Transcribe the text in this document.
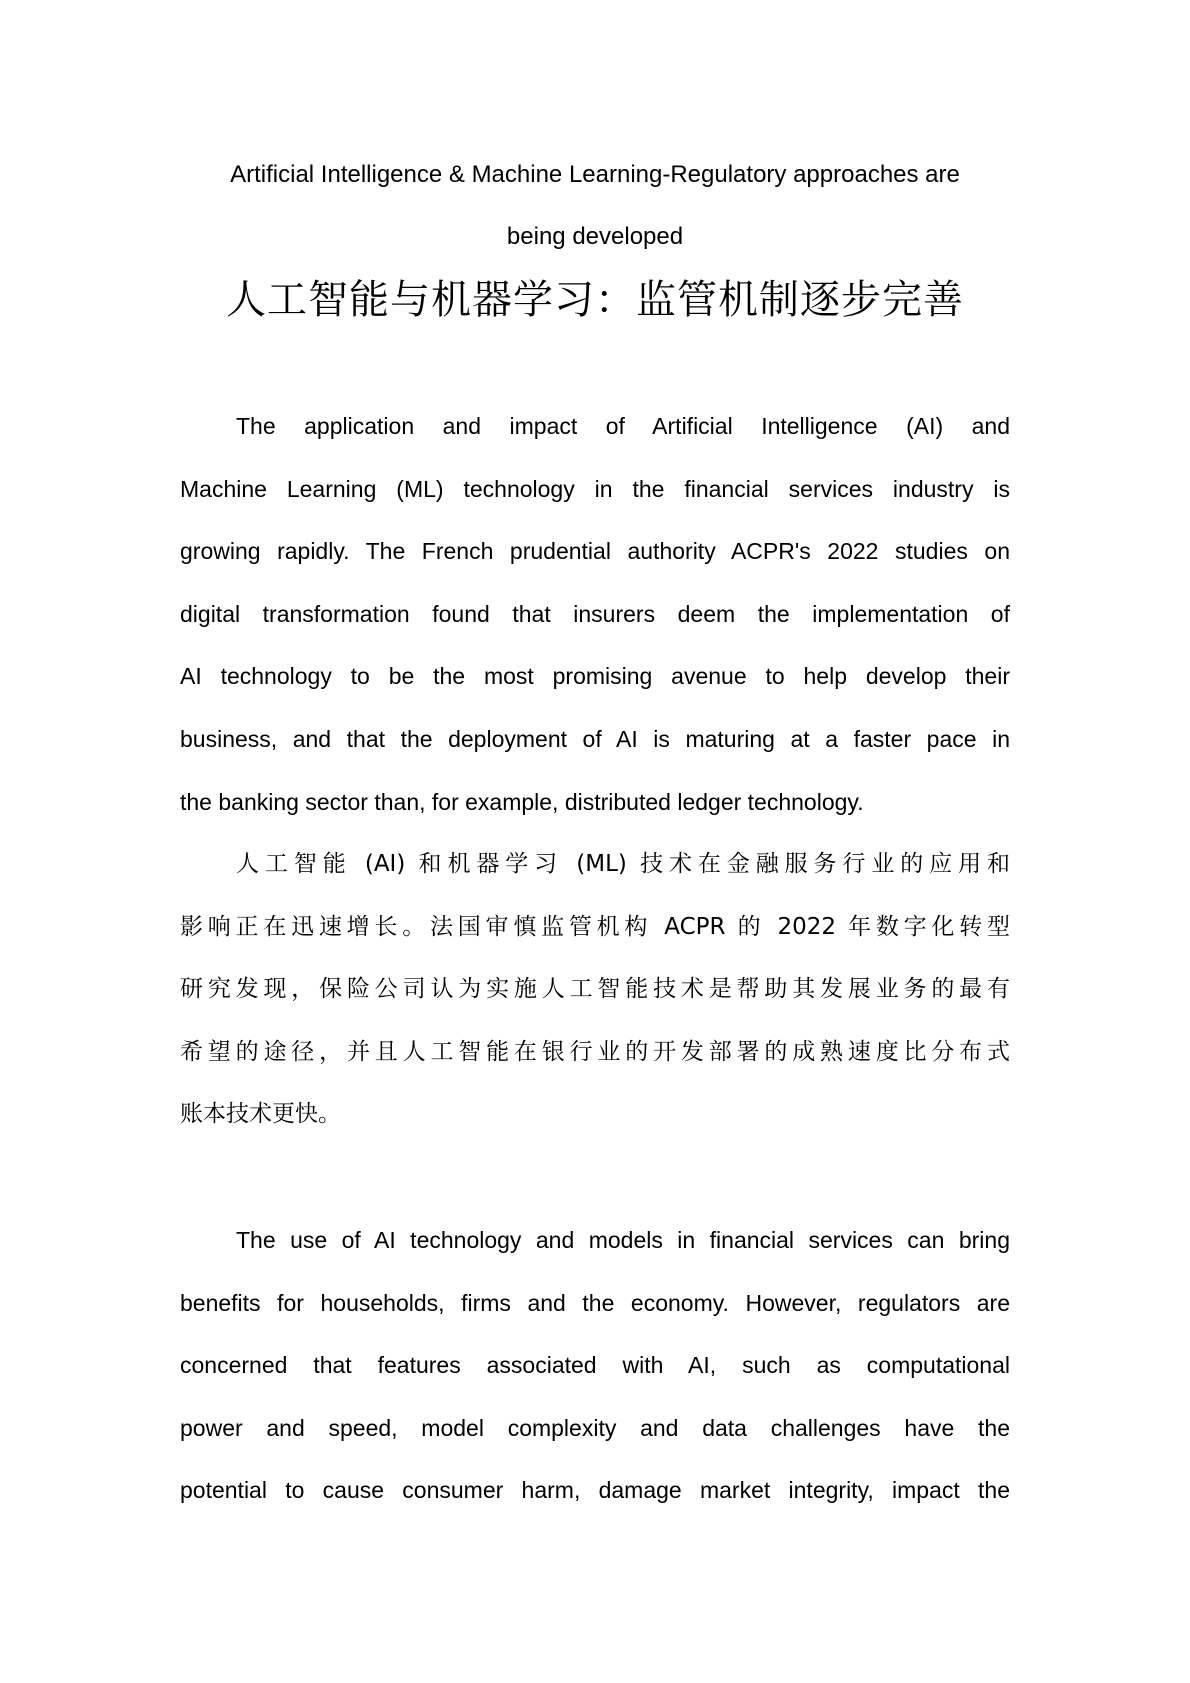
Artificial Intelligence & Machine Learning-Regulatory approaches are
being developed
人工智能与机器学习：监管机制逐步完善
The application and impact of Artificial Intelligence (AI) and
Machine Learning (ML) technology in the financial services industry is
growing rapidly. The French prudential authority ACPR's 2022 studies on
digital transformation found that insurers deem the implementation of
AI technology to be the most promising avenue to help develop their
business, and that the deployment of AI is maturing at a faster pace in
the banking sector than, for example, distributed ledger technology.
人工智能 (AI) 和机器学习 (ML) 技术在金融服务行业的应用和
影响正在迅速增长。法国审慎监管机构 ACPR 的 2022 年数字化转型
研究发现，保险公司认为实施人工智能技术是帮助其发展业务的最有
希望的途径，并且人工智能在银行业的开发部署的成熟速度比分布式
账本技术更快。
The use of AI technology and models in financial services can bring
benefits for households, firms and the economy. However, regulators are
concerned that features associated with AI, such as computational
power and speed, model complexity and data challenges have the
potential to cause consumer harm, damage market integrity, impact the
